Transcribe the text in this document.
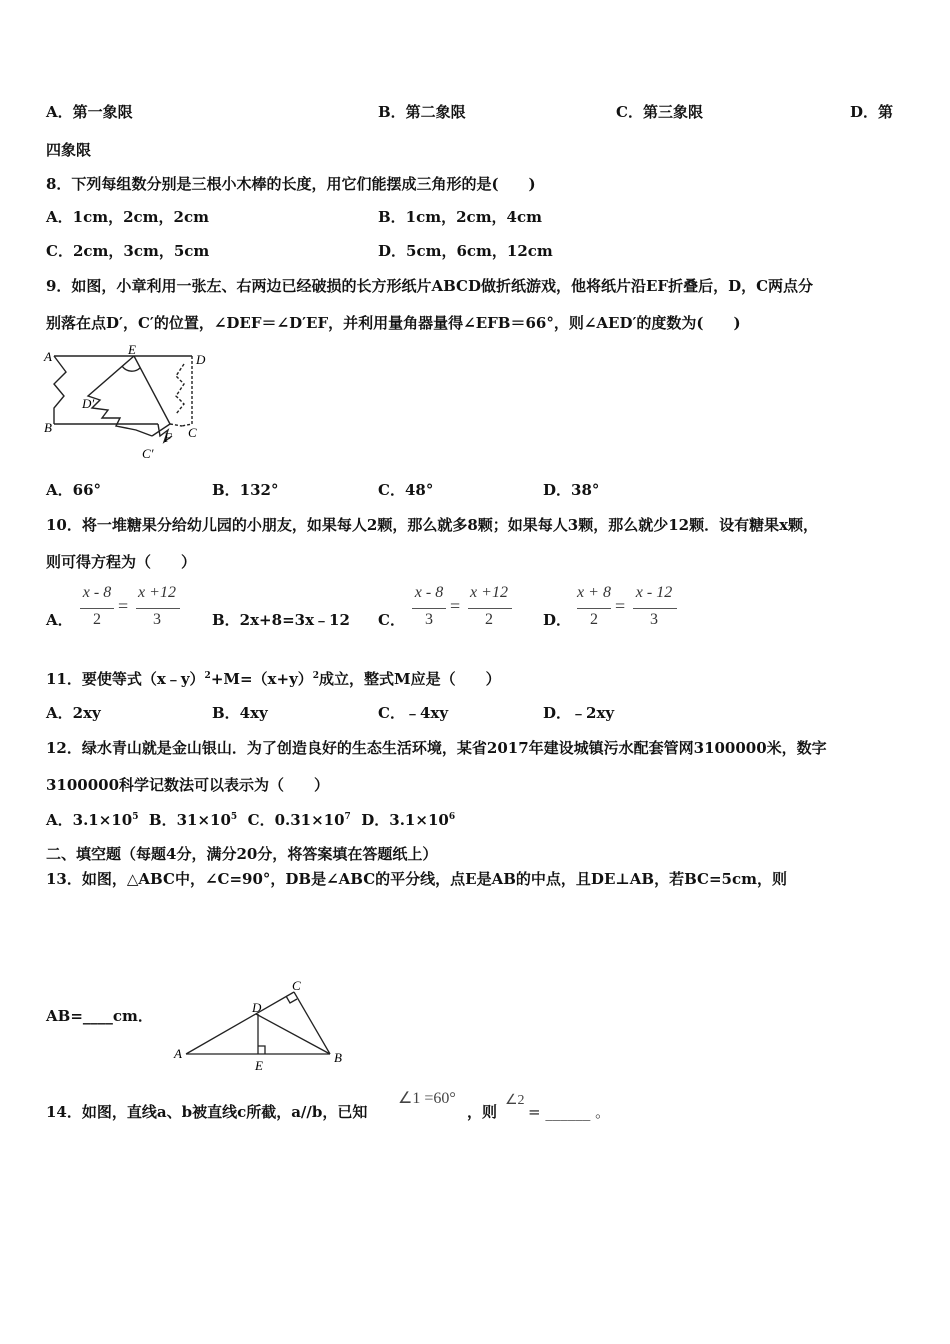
A．第一象限	B．第二象限	C．第三象限	D．第
四象限
8．下列每组数分别是三根小木棒的长度，用它们能摆成三角形的是(　　)
A．1cm，2cm，2cm	B．1cm，2cm，4cm
C．2cm，3cm，5cm	D．5cm，6cm，12cm
9．如图，小章利用一张左、右两边已经破损的长方形纸片ABCD做折纸游戏，他将纸片沿EF折叠后，D，C两点分
别落在点D′，C′的位置，∠DEF＝∠D′EF，并利用量角器量得∠EFB＝66°，则∠AED′的度数为(　　)
A	E
D
D′
B
F C
C′
A．66°	B．132°	C．48°	D．38°
10．将一堆糖果分给幼儿园的小朋友，如果每人2颗，那么就多8颗；如果每人3颗，那么就少12颗．设有糖果x颗，
则可得方程为（　　）
A．
x - 8
2
=
x +12
3	B．2x+8=3x﹣12 C．
x - 8
3
=
x +12
2	D．
x + 8
2
=
x - 12
3
11．要使等式$(x﹣y)^2+M=(x+y)^2$成立，整式M应是（　　）
A．2xy	B．4xy	C．﹣4xy	D．﹣2xy
12．绿水青山就是金山银山．为了创造良好的生态生活环境，某省2017年建设城镇污水配套管网3100000米，数字
3100000科学记数法可以表示为（　　）
A．$3.1\times 10^5$ B．$31\times 10^5$ C．$0.31\times 10^7$ D．$3.1\times 10^6$
二、填空题（每题4分，满分20分，将答案填在答题纸上）
13．如图，△ABC中，∠C=90°，DB是∠ABC的平分线，点E是AB的中点，且DE⊥AB，若BC=5cm，则
AB=____cm．
A	B
C
D
E
14．如图，直线a、b被直线c所截，a//b，已知
∠1 =60°
，则
∠2
= ______ 。
